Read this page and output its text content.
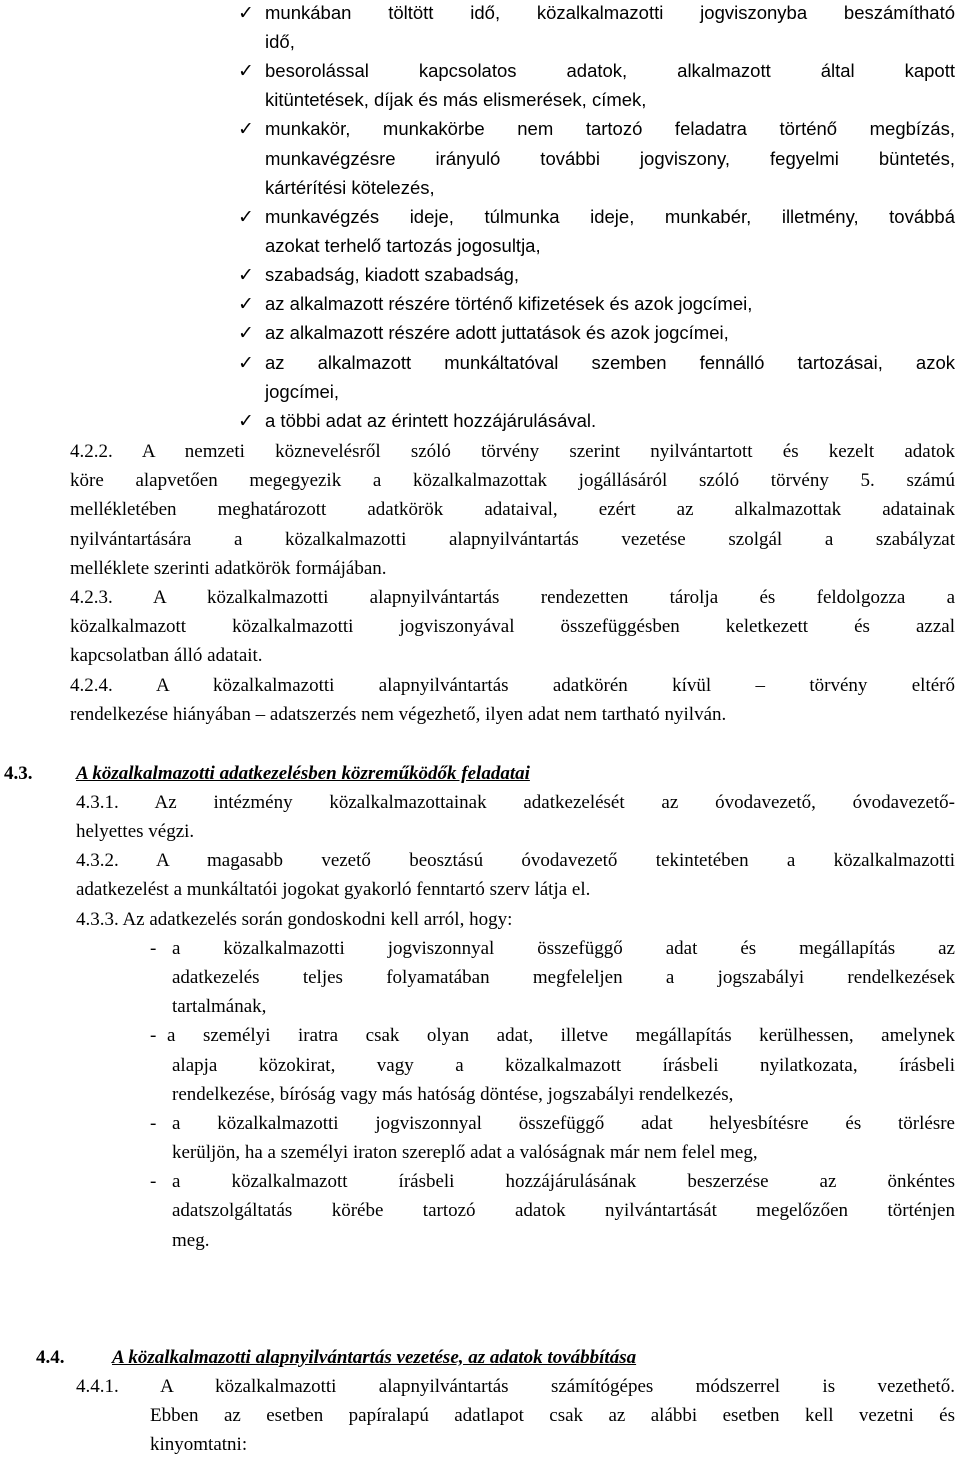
✓ munkában töltött idő, közalkalmazotti jogviszonyba beszámítható
idő,
✓ besorolással kapcsolatos adatok, alkalmazott által kapott
kitüntetések, díjak és más elismerések, címek,
✓ munkakör, munkakörbe nem tartozó feladatra történő megbízás,
munkavégzésre irányuló további jogviszony, fegyelmi büntetés,
kártérítési kötelezés,
✓ munkavégzés ideje, túlmunka ideje, munkabér, illetmény, továbbá
azokat terhelő tartozás jogosultja,
✓ szabadság, kiadott szabadság,
✓ az alkalmazott részére történő kifizetések és azok jogcímei,
✓ az alkalmazott részére adott juttatások és azok jogcímei,
✓ az alkalmazott munkáltatóval szemben fennálló tartozásai, azok
jogcímei,
✓ a többi adat az érintett hozzájárulásával.
4.2.2. A nemzeti köznevelésről szóló törvény szerint nyilvántartott és kezelt adatok
köre alapvetően megegyezik a közalkalmazottak jogállásáról szóló törvény 5. számú
mellékletében meghatározott adatkörök adataival, ezért az alkalmazottak adatainak
nyilvántartására a közalkalmazotti alapnyilvántartás vezetése szolgál a szabályzat
melléklete szerinti adatkörök formájában.
4.2.3. A közalkalmazotti alapnyilvántartás rendezetten tárolja és feldolgozza a
közalkalmazott közalkalmazotti jogviszonyával összefüggésben keletkezett és azzal
kapcsolatban álló adatait.
4.2.4. A közalkalmazotti alapnyilvántartás adatkörén kívül – törvény eltérő
rendelkezése hiányában – adatszerzés nem végezhető, ilyen adat nem tartható nyilván.
4.3. A közalkalmazotti adatkezelésben közreműködők feladatai
4.3.1. Az intézmény közalkalmazottainak adatkezelését az óvodavezető, óvodavezető-
helyettes végzi.
4.3.2. A magasabb vezető beosztású óvodavezető tekintetében a közalkalmazotti
adatkezelést a munkáltatói jogokat gyakorló fenntartó szerv látja el.
4.3.3. Az adatkezelés során gondoskodni kell arról, hogy:
- a közalkalmazotti jogviszonnyal összefüggő adat és megállapítás az
adatkezelés teljes folyamatában megfeleljen a jogszabályi rendelkezések
tartalmának,
- a személyi iratra csak olyan adat, illetve megállapítás kerülhessen, amelynek
alapja közokirat, vagy a közalkalmazott írásbeli nyilatkozata, írásbeli
rendelkezése, bíróság vagy más hatóság döntése, jogszabályi rendelkezés,
- a közalkalmazotti jogviszonnyal összefüggő adat helyesbítésre és törlésre
kerüljön, ha a személyi iraton szereplő adat a valóságnak már nem felel meg,
- a közalkalmazott írásbeli hozzájárulásának beszerzése az önkéntes
adatszolgáltatás körébe tartozó adatok nyilvántartását megelőzően történjen
meg.
4.4.	A közalkalmazotti alapnyilvántartás vezetése, az adatok továbbítása
4.4.1. A közalkalmazotti alapnyilvántartás számítógépes módszerrel is vezethető.
Ebben az esetben papíralapú adatlapot csak az alábbi esetben kell vezetni és
kinyomtatni:
